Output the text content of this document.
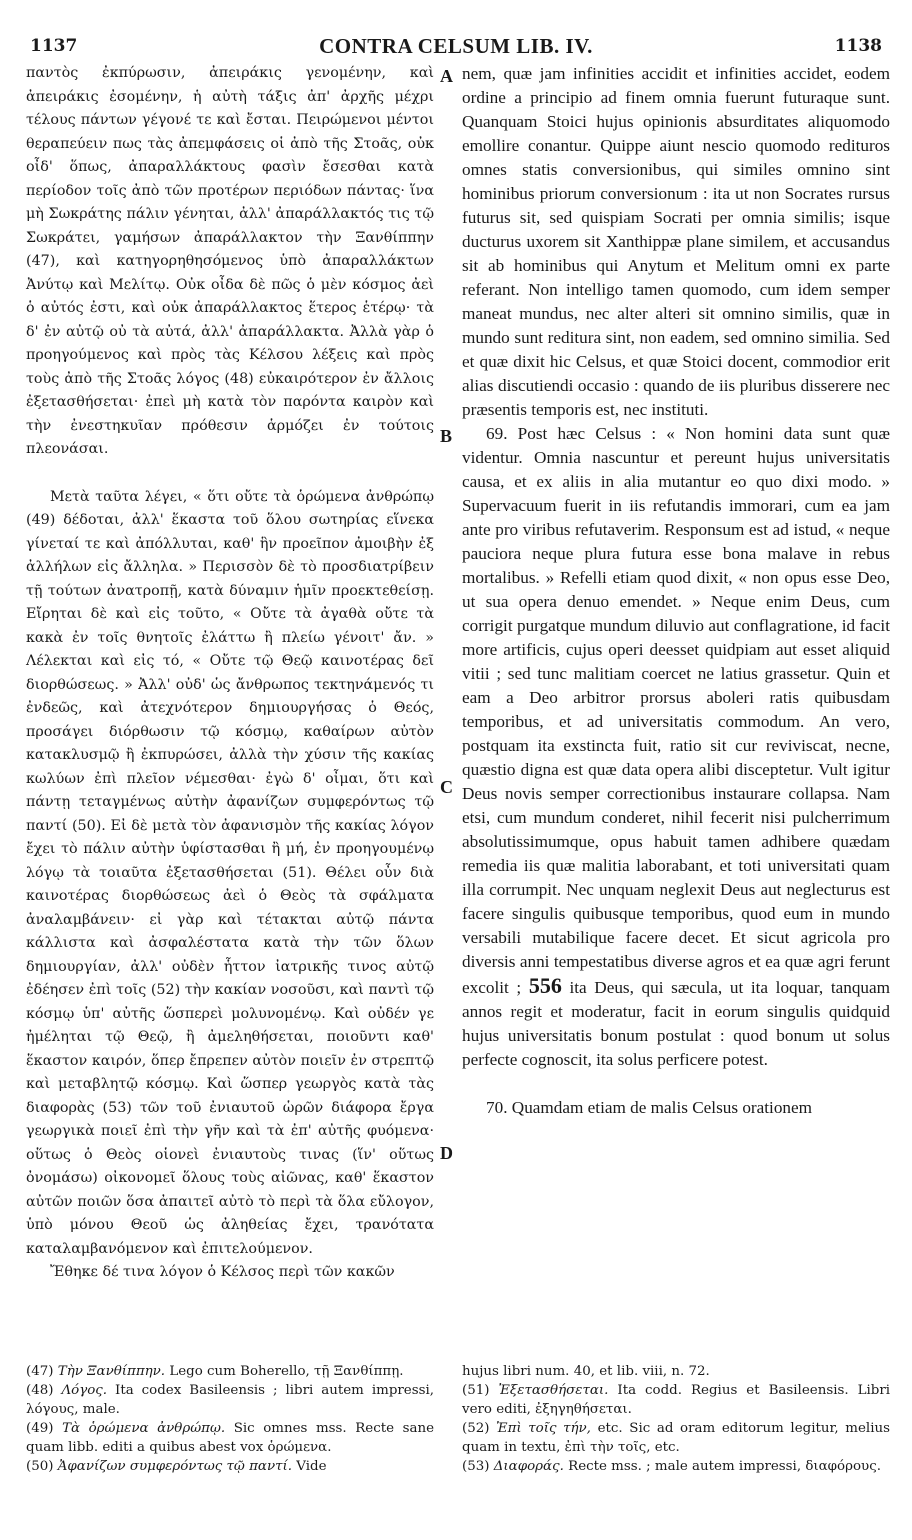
1137	CONTRA CELSUM LIB. IV.	1138

παντὸς ἐκπύρωσιν, ἀπειράκις γενομένην, καὶ ἀπειράκις ἐσομένην, ἡ αὐτὴ τάξις ἀπ' ἀρχῆς μέχρι τέλους πάντων γέγονέ τε καὶ ἔσται. Πειρώμενοι μέντοι θεραπεύειν πως τὰς ἀπεμφάσεις οἱ ἀπὸ τῆς Στοᾶς, οὐκ οἶδ' ὅπως, ἀπαραλλάκτους φασὶν ἔσεσθαι κατὰ περίοδον τοῖς ἀπὸ τῶν προτέρων περιόδων πάντας· ἵνα μὴ Σωκράτης πάλιν γένηται, ἀλλ' ἀπαράλλακτός τις τῷ Σωκράτει, γαμήσων ἀπαράλλακτον τὴν Ξανθίππην (47), καὶ κατηγορηθησόμενος ὑπὸ ἀπαραλλάκτων Ἀνύτῳ καὶ Μελίτῳ. Οὐκ οἶδα δὲ πῶς ὁ μὲν κόσμος ἀεὶ ὁ αὐτός ἐστι, καὶ οὐκ ἀπαράλλακτος ἕτερος ἑτέρῳ· τὰ δ' ἐν αὐτῷ οὐ τὰ αὐτά, ἀλλ' ἀπαράλλακτα. Ἀλλὰ γὰρ ὁ προηγούμενος καὶ πρὸς τὰς Κέλσου λέξεις καὶ πρὸς τοὺς ἀπὸ τῆς Στοᾶς λόγος (48) εὐκαιρότερον ἐν ἄλλοις ἐξετασθήσεται· ἐπεὶ μὴ κατὰ τὸν παρόντα καιρὸν καὶ τὴν ἐνεστηκυῖαν πρόθεσιν ἁρμόζει ἐν τούτοις πλεονάσαι.

Μετὰ ταῦτα λέγει, « ὅτι οὔτε τὰ ὁρώμενα ἀνθρώπῳ (49) δέδοται, ἀλλ' ἕκαστα τοῦ ὅλου σωτηρίας εἵνεκα γίνεταί τε καὶ ἀπόλλυται, καθ' ἣν προεῖπον ἀμοιβὴν ἐξ ἀλλήλων εἰς ἄλληλα. » Περισσὸν δὲ τὸ προσδιατρίβειν τῇ τούτων ἀνατροπῇ, κατὰ δύναμιν ἡμῖν προεκτεθείσῃ. Εἴρηται δὲ καὶ εἰς τοῦτο, « Οὔτε τὰ ἀγαθὰ οὔτε τὰ κακὰ ἐν τοῖς θνητοῖς ἐλάττω ἢ πλείω γένοιτ' ἄν. » Λέλεκται καὶ εἰς τό, « Οὔτε τῷ Θεῷ καινοτέρας δεῖ διορθώσεως. » Ἀλλ' οὐδ' ὡς ἄνθρωπος τεκτηνάμενός τι ἐνδεῶς, καὶ ἀτεχνότερον δημιουργήσας ὁ Θεός, προσάγει διόρθωσιν τῷ κόσμῳ, καθαίρων αὐτὸν κατακλυσμῷ ἢ ἐκπυρώσει, ἀλλὰ τὴν χύσιν τῆς κακίας κωλύων ἐπὶ πλεῖον νέμεσθαι· ἐγὼ δ' οἶμαι, ὅτι καὶ πάντῃ τεταγμένως αὐτὴν ἀφανίζων συμφερόντως τῷ παντί (50). Εἰ δὲ μετὰ τὸν ἀφανισμὸν τῆς κακίας λόγον ἔχει τὸ πάλιν αὐτὴν ὑφίστασθαι ἢ μή, ἐν προηγουμένῳ λόγῳ τὰ τοιαῦτα ἐξετασθήσεται (51). Θέλει οὖν διὰ καινοτέρας διορθώσεως ἀεὶ ὁ Θεὸς τὰ σφάλματα ἀναλαμβάνειν· εἰ γὰρ καὶ τέτακται αὐτῷ πάντα κάλλιστα καὶ ἀσφαλέστατα κατὰ τὴν τῶν ὅλων δημιουργίαν, ἀλλ' οὐδὲν ἧττον ἰατρικῆς τινος αὐτῷ ἐδέησεν ἐπὶ τοῖς (52) τὴν κακίαν νοσοῦσι, καὶ παντὶ τῷ κόσμῳ ὑπ' αὐτῆς ὥσπερεὶ μολυνομένῳ. Καὶ οὐδέν γε ἠμέληται τῷ Θεῷ, ἢ ἀμεληθήσεται, ποιοῦντι καθ' ἕκαστον καιρόν, ὅπερ ἔπρεπεν αὐτὸν ποιεῖν ἐν στρεπτῷ καὶ μεταβλητῷ κόσμῳ. Καὶ ὥσπερ γεωργὸς κατὰ τὰς διαφορὰς (53) τῶν τοῦ ἐνιαυτοῦ ὡρῶν διάφορα ἔργα γεωργικὰ ποιεῖ ἐπὶ τὴν γῆν καὶ τὰ ἐπ' αὐτῆς φυόμενα· οὕτως ὁ Θεὸς οἱονεὶ ἐνιαυτοὺς τινας (ἵν' οὕτως ὀνομάσω) οἰκονομεῖ ὅλους τοὺς αἰῶνας, καθ' ἕκαστον αὐτῶν ποιῶν ὅσα ἀπαιτεῖ αὐτὸ τὸ περὶ τὰ ὅλα εὔλογον, ὑπὸ μόνου Θεοῦ ὡς ἀληθείας ἔχει, τρανότατα καταλαμβανόμενον καὶ ἐπιτελούμενον.

Ἔθηκε δέ τινα λόγον ὁ Κέλσος περὶ τῶν κακῶν

A
B
C
D

nem, quæ jam infinities accidit et infinities accidet, eodem ordine a principio ad finem omnia fuerunt futuraque sunt. Quanquam Stoici hujus opinionis absurditates aliquomodo emollire conantur. Quippe aiunt nescio quomodo redituros omnes statis conversionibus, qui similes omnino sint hominibus priorum conversionum : ita ut non Socrates rursus futurus sit, sed quispiam Socrati per omnia similis; isque ducturus uxorem sit Xanthippæ plane similem, et accusandus sit ab hominibus qui Anytum et Melitum omni ex parte referant. Non intelligo tamen quomodo, cum idem semper maneat mundus, nec alter alteri sit omnino similis, quæ in mundo sunt reditura sint, non eadem, sed omnino similia. Sed et quæ dixit hic Celsus, et quæ Stoici docent, commodior erit alias discutiendi occasio : quando de iis pluribus disserere nec præsentis temporis est, nec instituti.

69. Post hæc Celsus : « Non homini data sunt quæ videntur. Omnia nascuntur et pereunt hujus universitatis causa, et ex aliis in alia mutantur eo quo dixi modo. » Supervacuum fuerit in iis refutandis immorari, cum ea jam ante pro viribus refutaverim. Responsum est ad istud, « neque pauciora neque plura futura esse bona malave in rebus mortalibus. » Refelli etiam quod dixit, « non opus esse Deo, ut sua opera denuo emendet. » Neque enim Deus, cum corrigit purgatque mundum diluvio aut conflagratione, id facit more artificis, cujus operi deesset quidpiam aut esset aliquid vitii ; sed tunc malitiam coercet ne latius grassetur. Quin et eam a Deo arbitror prorsus aboleri ratis quibusdam temporibus, et ad universitatis commodum. An vero, postquam ita exstincta fuit, ratio sit cur reviviscat, necne, quæstio digna est quæ data opera alibi disceptetur. Vult igitur Deus novis semper correctionibus instaurare collapsa. Nam etsi, cum mundum conderet, nihil fecerit nisi pulcherrimum absolutissimumque, opus habuit tamen adhibere quædam remedia iis quæ malitia laborabant, et toti universitati quam illa corrumpit. Nec unquam neglexit Deus aut neglecturus est facere singulis quibusque temporibus, quod eum in mundo versabili mutabilique facere decet. Et sicut agricola pro diversis anni tempestatibus diverse agros et ea quæ agri ferunt excolit ; 556 ita Deus, qui sæcula, ut ita loquar, tanquam annos regit et moderatur, facit in eorum singulis quidquid hujus universitatis bonum postulat : quod bonum ut solus perfecte cognoscit, ita solus perficere potest.

70. Quamdam etiam de malis Celsus orationem

(47) Τὴν Ξανθίππην. Lego cum Boherello, τῇ Ξανθίππῃ.

(48) Λόγος. Ita codex Basileensis ; libri autem impressi, λόγους, male.

(49) Τὰ ὁρώμενα ἀνθρώπῳ. Sic omnes mss. Recte sane quam libb. editi a quibus abest vox ὁρώμενα.

(50) Ἀφανίζων συμφερόντως τῷ παντί. Vide

hujus libri num. 40, et lib. viii, n. 72.

(51) Ἐξετασθήσεται. Ita codd. Regius et Basileensis. Libri vero editi, ἐξηγηθήσεται.

(52) Ἐπὶ τοῖς τήν, etc. Sic ad oram editorum legitur, melius quam in textu, ἐπὶ τὴν τοῖς, etc.

(53) Διαφοράς. Recte mss. ; male autem impressi, διαφόρους.
